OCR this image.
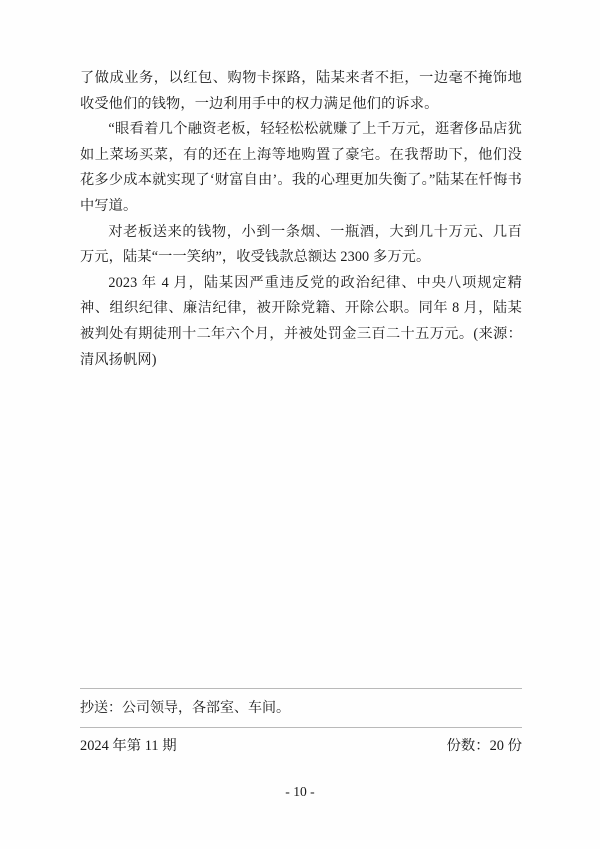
了做成业务，以红包、购物卡探路，陆某来者不拒，一边毫不掩饰地收受他们的钱物，一边利用手中的权力满足他们的诉求。

“眼看着几个融资老板，轻轻松松就赚了上千万元，逛奢侈品店犹如上菜场买菜，有的还在上海等地购置了豪宅。在我帮助下，他们没花多少成本就实现了‘财富自由’。我的心理更加失衡了。”陆某在忏悔书中写道。

对老板送来的钱物，小到一条烟、一瓶酒，大到几十万元、几百万元，陆某“一一笑纳”，收受钱款总额达 2300 多万元。

2023 年 4 月，陆某因严重违反党的政治纪律、中央八项规定精神、组织纪律、廉洁纪律，被开除党籍、开除公职。同年 8 月，陆某被判处有期徒刑十二年六个月，并被处罚金三百二十五万元。(来源：清风扬帆网)

抄送：公司领导，各部室、车间。
2024 年第 11 期	份数：20 份
- 10 -
